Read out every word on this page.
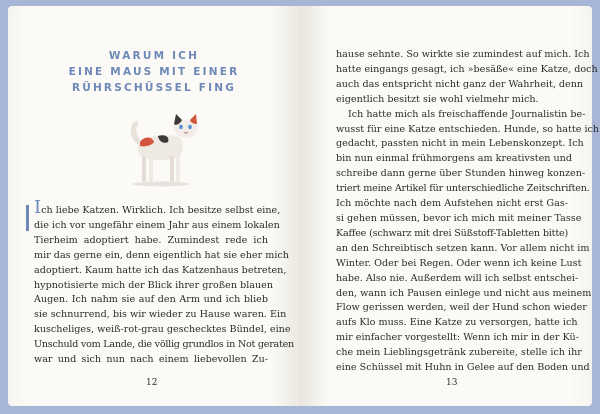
WARUM ICH
EINE MAUS MIT EINER
RÜHRSCHÜSSEL FING
Ich liebe Katzen. Wirklich. Ich besitze selbst eine,
die ich vor ungefähr einem Jahr aus einem lokalen
Tierheim adoptiert habe. Zumindest rede ich
mir das gerne ein, denn eigentlich hat sie eher mich
adoptiert. Kaum hatte ich das Katzenhaus betreten,
hypnotisierte mich der Blick ihrer großen blauen
Augen. Ich nahm sie auf den Arm und ich blieb
sie schnurrend, bis wir wieder zu Hause waren. Ein
kuscheliges, weiß-rot-grau geschecktes Bündel, eine
Unschuld vom Lande, die völlig grundlos in Not geraten
war und sich nun nach einem liebevollen Zu-
12
hause sehnte. So wirkte sie zumindest auf mich. Ich
hatte eingangs gesagt, ich »besäße« eine Katze, doch
auch das entspricht nicht ganz der Wahrheit, denn
eigentlich besitzt sie wohl vielmehr mich.
Ich hatte mich als freischaffende Journalistin be-
wusst für eine Katze entschieden. Hunde, so hatte ich
gedacht, passten nicht in mein Lebenskonzept. Ich
bin nun einmal frühmorgens am kreativsten und
schreibe dann gerne über Stunden hinweg konzen-
triert meine Artikel für unterschiedliche Zeitschriften.
Ich möchte nach dem Aufstehen nicht erst Gas-
si gehen müssen, bevor ich mich mit meiner Tasse
Kaffee (schwarz mit drei Süßstoff-Tabletten bitte)
an den Schreibtisch setzen kann. Vor allem nicht im
Winter. Oder bei Regen. Oder wenn ich keine Lust
habe. Also nie. Außerdem will ich selbst entschei-
den, wann ich Pausen einlege und nicht aus meinem
Flow gerissen werden, weil der Hund schon wieder
aufs Klo muss. Eine Katze zu versorgen, hatte ich
mir einfacher vorgestellt: Wenn ich mir in der Kü-
che mein Lieblingsgetränk zubereite, stelle ich ihr
eine Schüssel mit Huhn in Gelee auf den Boden und
13
